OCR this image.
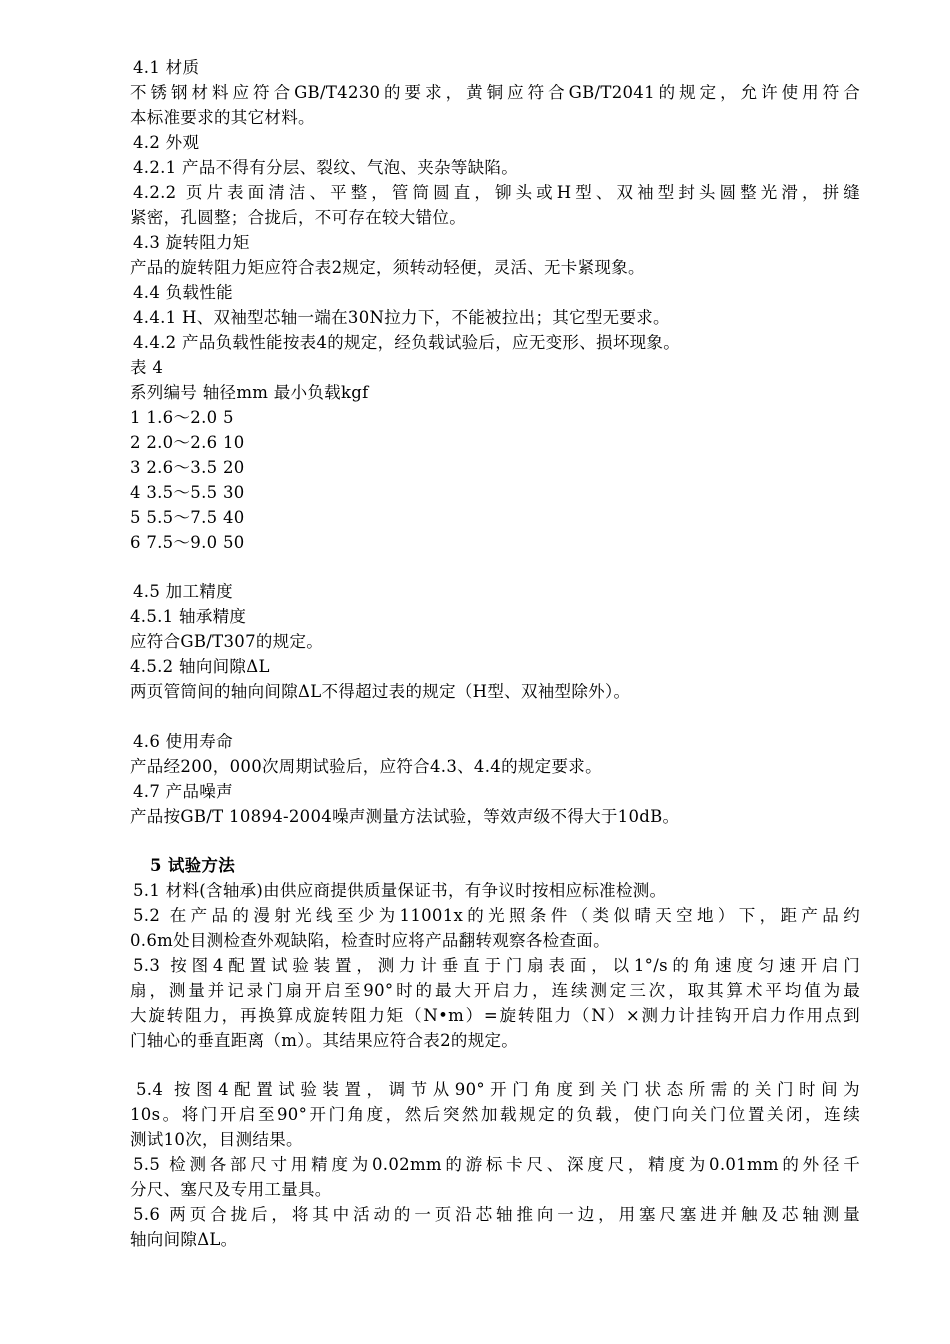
4.1 材质
不锈钢材料应符合GB/T4230的要求，黄铜应符合GB/T2041的规定，允许使用符合
本标准要求的其它材料。
4.2 外观
4.2.1 产品不得有分层、裂纹、气泡、夹杂等缺陷。
4.2.2 页片表面清洁、平整，管筒圆直，铆头或H型、双袖型封头圆整光滑，拼缝
紧密，孔圆整；合拢后，不可存在较大错位。
4.3 旋转阻力矩
产品的旋转阻力矩应符合表2规定，须转动轻便，灵活、无卡紧现象。
4.4 负载性能
4.4.1 H、双袖型芯轴一端在30N拉力下，不能被拉出；其它型无要求。
4.4.2 产品负载性能按表4的规定，经负载试验后，应无变形、损坏现象。
表 4
系列编号 轴径mm 最小负载kgf
1 1.6～2.0 5
2 2.0～2.6 10
3 2.6～3.5 20
4 3.5～5.5 30
5 5.5～7.5 40
6 7.5～9.0 50
4.5 加工精度
4.5.1 轴承精度
应符合GB/T307的规定。
4.5.2 轴向间隙ΔL
两页管筒间的轴向间隙ΔL不得超过表的规定（H型、双袖型除外）。
4.6 使用寿命
产品经200，000次周期试验后，应符合4.3、4.4的规定要求。
4.7 产品噪声
产品按GB/T 10894-2004噪声测量方法试验，等效声级不得大于10dB。
5 试验方法
5.1 材料(含轴承)由供应商提供质量保证书，有争议时按相应标准检测。
5.2 在产品的漫射光线至少为11001x的光照条件（类似晴天空地）下，距产品约
0.6m处目测检查外观缺陷，检查时应将产品翻转观察各检查面。
5.3 按图4配置试验装置，测力计垂直于门扇表面，以1°/s的角速度匀速开启门
扇，测量并记录门扇开启至90°时的最大开启力，连续测定三次，取其算术平均值为最
大旋转阻力，再换算成旋转阻力矩（N•m）=旋转阻力（N）×测力计挂钩开启力作用点到
门轴心的垂直距离（m）。其结果应符合表2的规定。
5.4 按图4配置试验装置，调节从90°开门角度到关门状态所需的关门时间为
10s。将门开启至90°开门角度，然后突然加载规定的负载，使门向关门位置关闭，连续
测试10次，目测结果。
5.5 检测各部尺寸用精度为0.02mm的游标卡尺、深度尺，精度为0.01mm的外径千
分尺、塞尺及专用工量具。
5.6 两页合拢后，将其中活动的一页沿芯轴推向一边，用塞尺塞进并触及芯轴测量
轴向间隙ΔL。
